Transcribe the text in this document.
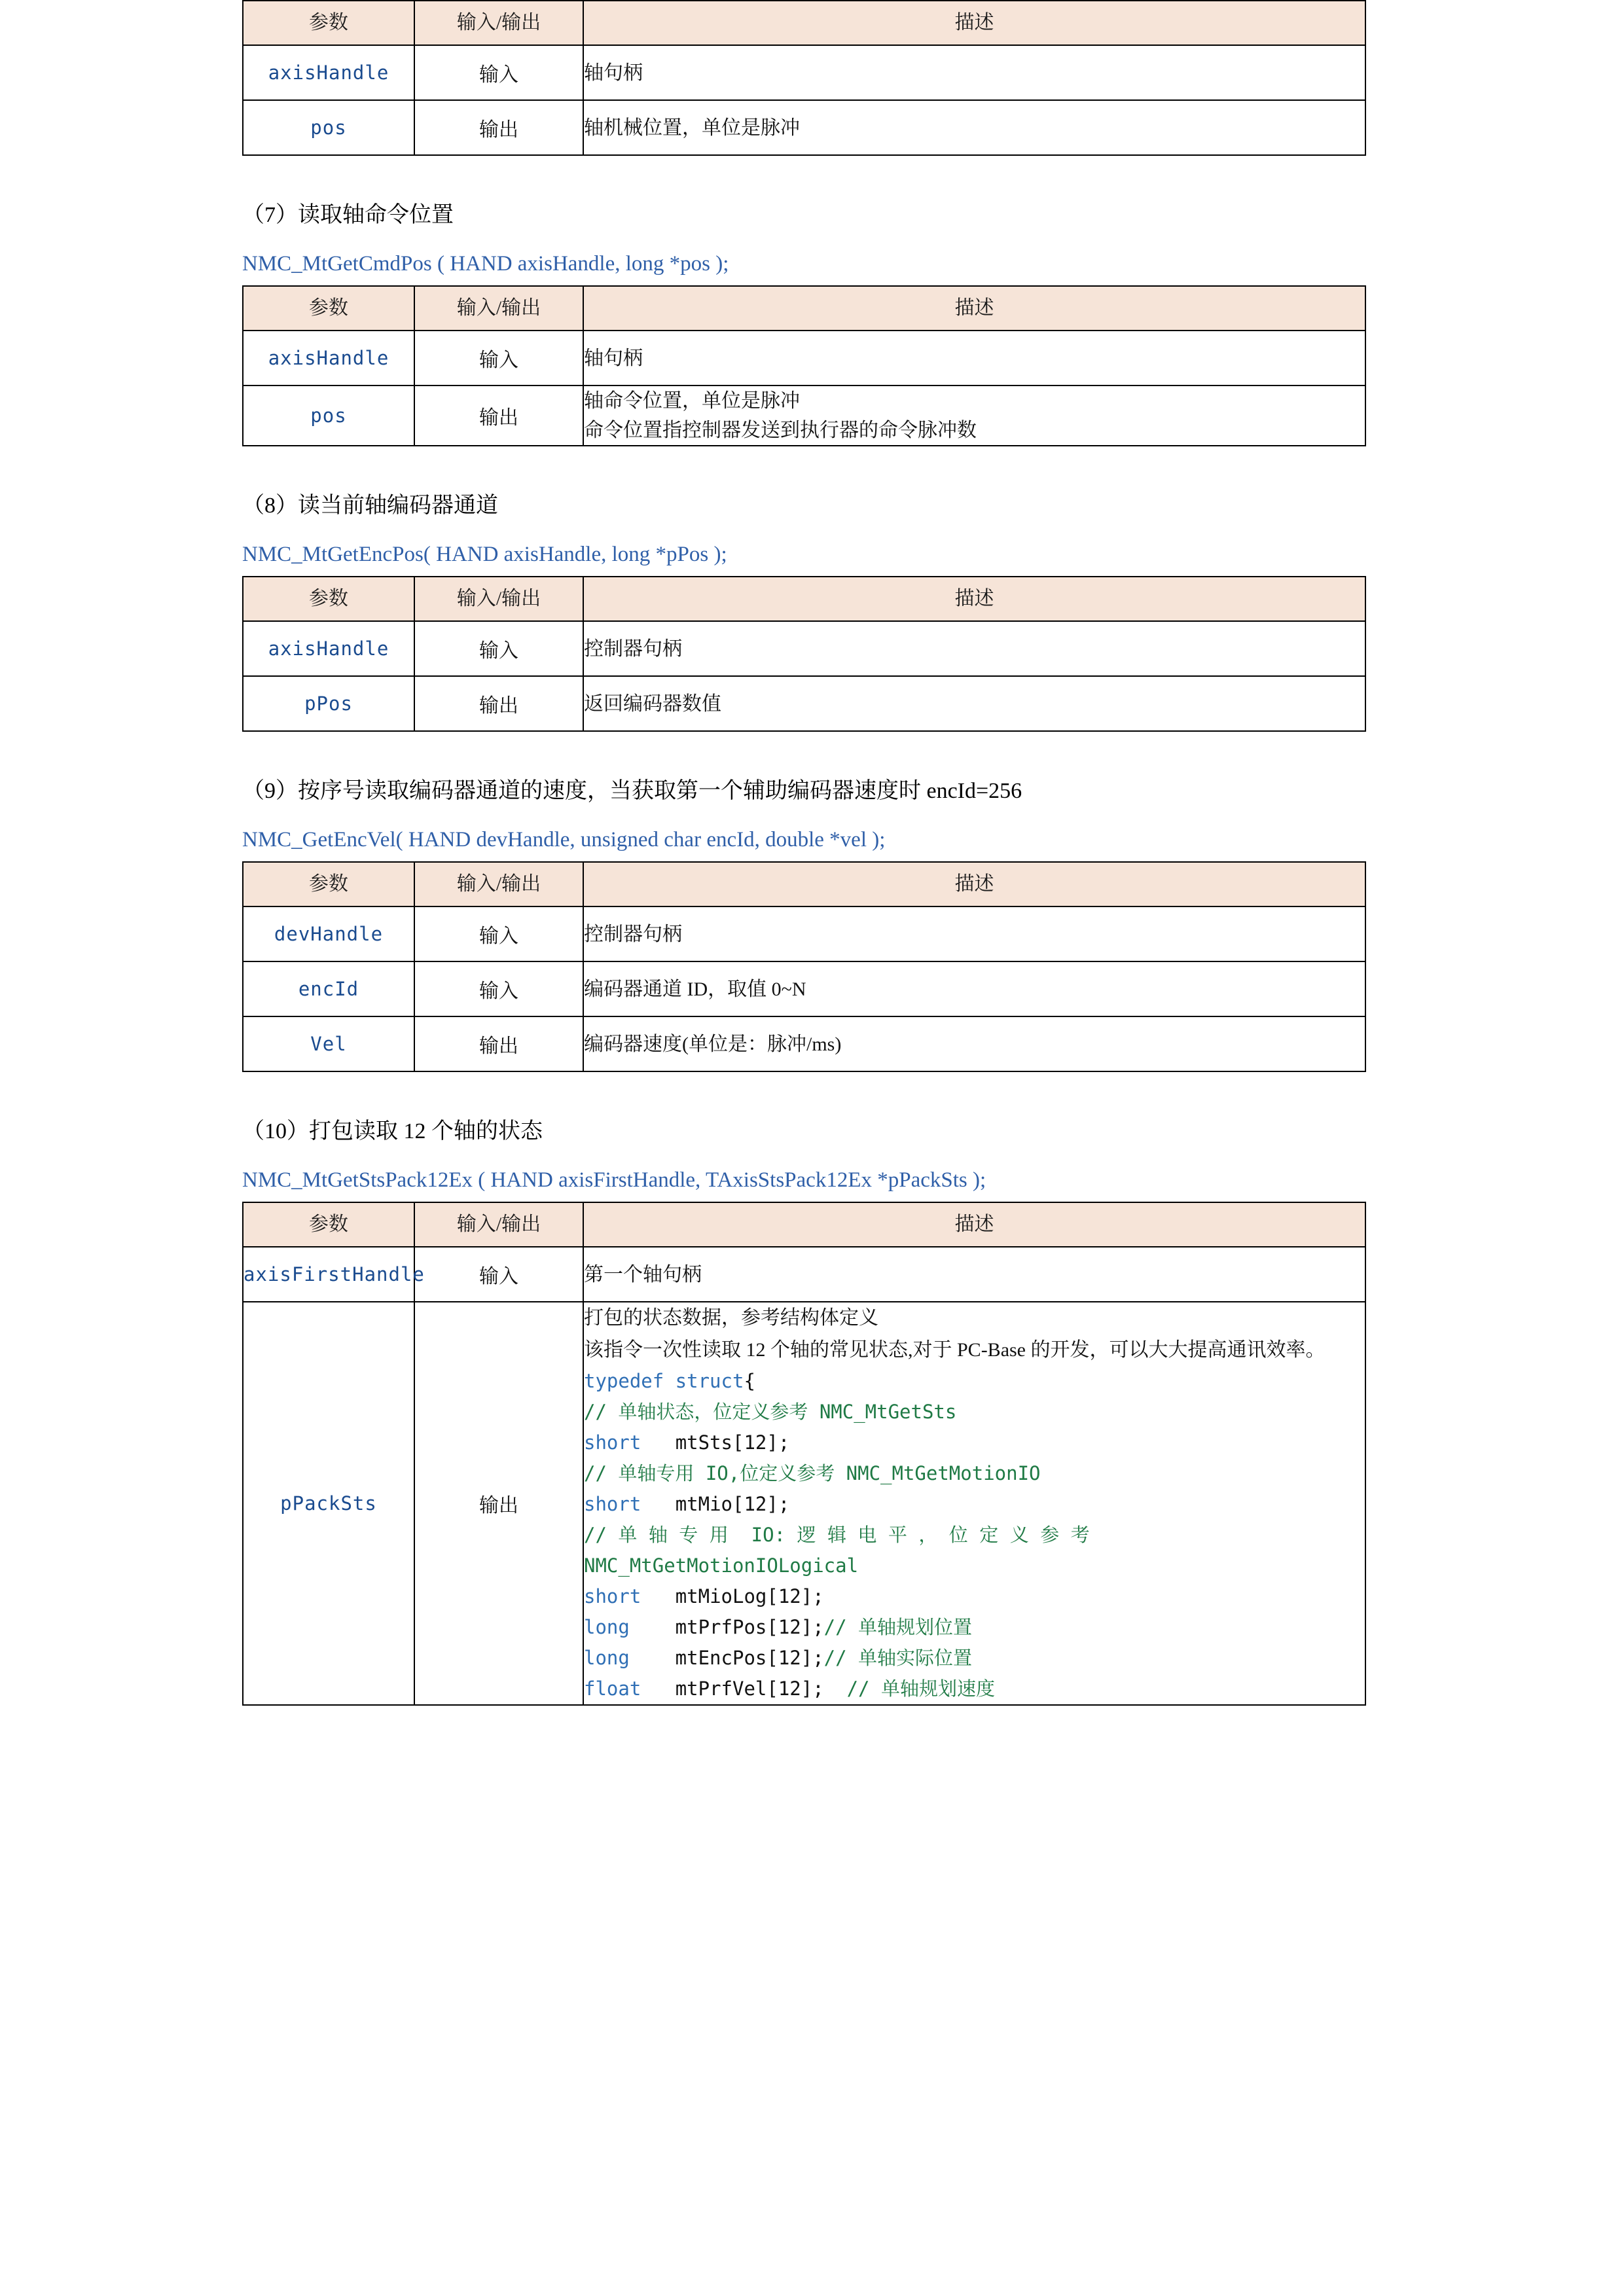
参数	输入/输出	描述
axisHandle	输入	轴句柄
pos	输出	轴机械位置，单位是脉冲
（7）读取轴命令位置
NMC_MtGetCmdPos ( HAND axisHandle, long *pos );
参数	输入/输出	描述
axisHandle	输入	轴句柄
pos	输出	轴命令位置，单位是脉冲
命令位置指控制器发送到执行器的命令脉冲数
（8）读当前轴编码器通道
NMC_MtGetEncPos( HAND axisHandle, long *pPos );
参数	输入/输出	描述
axisHandle	输入	控制器句柄
pPos	输出	返回编码器数值
（9）按序号读取编码器通道的速度，当获取第一个辅助编码器速度时 encId=256
NMC_GetEncVel( HAND devHandle, unsigned char encId, double *vel );
参数	输入/输出	描述
devHandle	输入	控制器句柄
encId	输入	编码器通道 ID，取值 0~N
Vel	输出	编码器速度(单位是：脉冲/ms)
（10）打包读取 12 个轴的状态
NMC_MtGetStsPack12Ex ( HAND axisFirstHandle, TAxisStsPack12Ex *pPackSts );
参数	输入/输出	描述
axisFirstHandle	输入	第一个轴句柄
pPackSts	输出	
打包的状态数据，参考结构体定义
该指令一次性读取 12 个轴的常见状态,对于 PC-Base 的开发，可以大大提高通讯效率。
typedef struct{
// 单轴状态，位定义参考 NMC_MtGetSts
short   mtSts[12];
// 单轴专用 IO,位定义参考 NMC_MtGetMotionIO
short   mtMio[12];
// 单 轴 专 用  IO: 逻 辑 电 平 ， 位 定 义 参 考
NMC_MtGetMotionIOLogical
short   mtMioLog[12];
long    mtPrfPos[12];// 单轴规划位置
long    mtEncPos[12];// 单轴实际位置
float   mtPrfVel[12];  // 单轴规划速度
